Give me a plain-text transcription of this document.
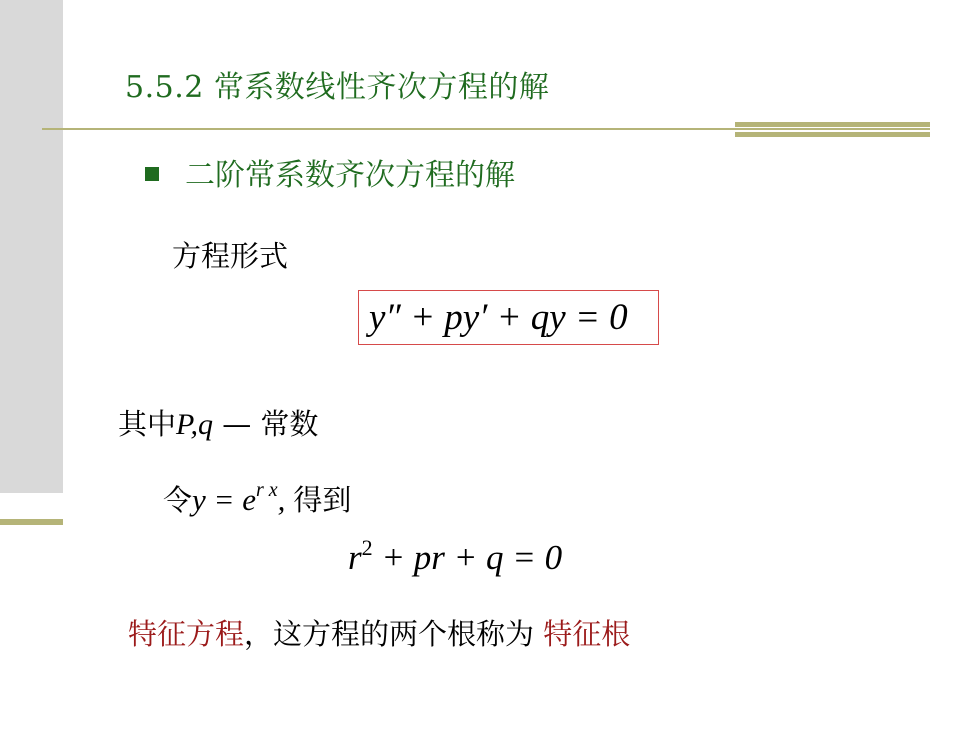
5.5.2 常系数线性齐次方程的解
二阶常系数齐次方程的解
方程形式
y″ + py′ + qy = 0
其中P,q — 常数
令$y = e^{r x}$, 得到
$r^2$ + pr + q = 0
特征方程，这方程的两个根称为 特征根
